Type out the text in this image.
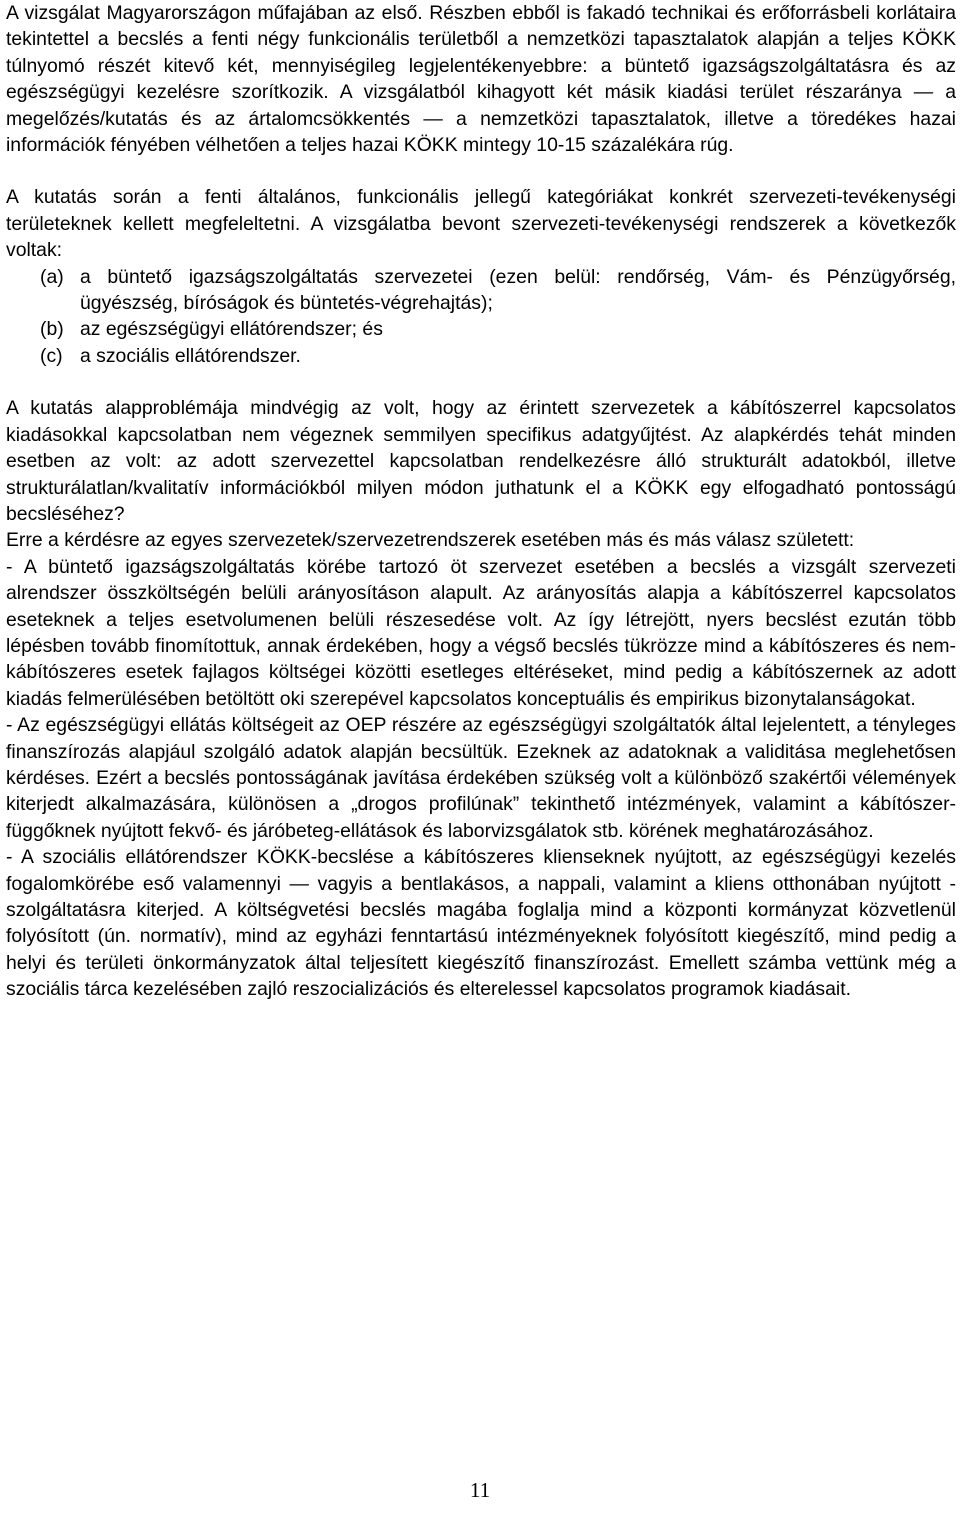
A vizsgálat Magyarországon műfajában az első. Részben ebből is fakadó technikai és erőforrásbeli korlátaira tekintettel a becslés a fenti négy funkcionális területből a nemzetközi tapasztalatok alapján a teljes KÖKK túlnyomó részét kitevő két, mennyiségileg legjelentékenyebbre: a büntető igazságszolgáltatásra és az egészségügyi kezelésre szorítkozik. A vizsgálatból kihagyott két másik kiadási terület részaránya — a megelőzés/kutatás és az ártalomcsökkentés — a nemzetközi tapasztalatok, illetve a töredékes hazai információk fényében vélhetően a teljes hazai KÖKK mintegy 10-15 százalékára rúg.

A kutatás során a fenti általános, funkcionális jellegű kategóriákat konkrét szervezeti-tevékenységi területeknek kellett megfeleltetni. A vizsgálatba bevont szervezeti-tevékenységi rendszerek a következők voltak:

(a) a büntető igazságszolgáltatás szervezetei (ezen belül: rendőrség, Vám- és Pénzügyőrség, ügyészség, bíróságok és büntetés-végrehajtás);
(b) az egészségügyi ellátórendszer; és
(c) a szociális ellátórendszer.

A kutatás alapproblémája mindvégig az volt, hogy az érintett szervezetek a kábítószerrel kapcsolatos kiadásokkal kapcsolatban nem végeznek semmilyen specifikus adatgyűjtést. Az alapkérdés tehát minden esetben az volt: az adott szervezettel kapcsolatban rendelkezésre álló strukturált adatokból, illetve strukturálatlan/kvalitatív információkból milyen módon juthatunk el a KÖKK egy elfogadható pontosságú becsléséhez?

Erre a kérdésre az egyes szervezetek/szervezetrendszerek esetében más és más válasz született:

- A büntető igazságszolgáltatás körébe tartozó öt szervezet esetében a becslés a vizsgált szervezeti alrendszer összköltségén belüli arányosításon alapult. Az arányosítás alapja a kábítószerrel kapcsolatos eseteknek a teljes esetvolumenen belüli részesedése volt. Az így létrejött, nyers becslést ezután több lépésben tovább finomítottuk, annak érdekében, hogy a végső becslés tükrözze mind a kábítószeres és nem-kábítószeres esetek fajlagos költségei közötti esetleges eltéréseket, mind pedig a kábítószernek az adott kiadás felmerülésében betöltött oki szerepével kapcsolatos konceptuális és empirikus bizonytalanságokat.

- Az egészségügyi ellátás költségeit az OEP részére az egészségügyi szolgáltatók által lejelentett, a tényleges finanszírozás alapjául szolgáló adatok alapján becsültük. Ezeknek az adatoknak a validitása meglehetősen kérdéses. Ezért a becslés pontosságának javítása érdekében szükség volt a különböző szakértői vélemények kiterjedt alkalmazására, különösen a „drogos profilúnak” tekinthető intézmények, valamint a kábítószer-függőknek nyújtott fekvő- és járóbeteg-ellátások és laborvizsgálatok stb. körének meghatározásához.

- A szociális ellátórendszer KÖKK-becslése a kábítószeres klienseknek nyújtott, az egészségügyi kezelés fogalomkörébe eső valamennyi — vagyis a bentlakásos, a nappali, valamint a kliens otthonában nyújtott - szolgáltatásra kiterjed. A költségvetési becslés magába foglalja mind a központi kormányzat közvetlenül folyósított (ún. normatív), mind az egyházi fenntartású intézményeknek folyósított kiegészítő, mind pedig a helyi és területi önkormányzatok által teljesített kiegészítő finanszírozást. Emellett számba vettünk még a szociális tárca kezelésében zajló reszocializációs és elterelessel kapcsolatos programok kiadásait.

11
